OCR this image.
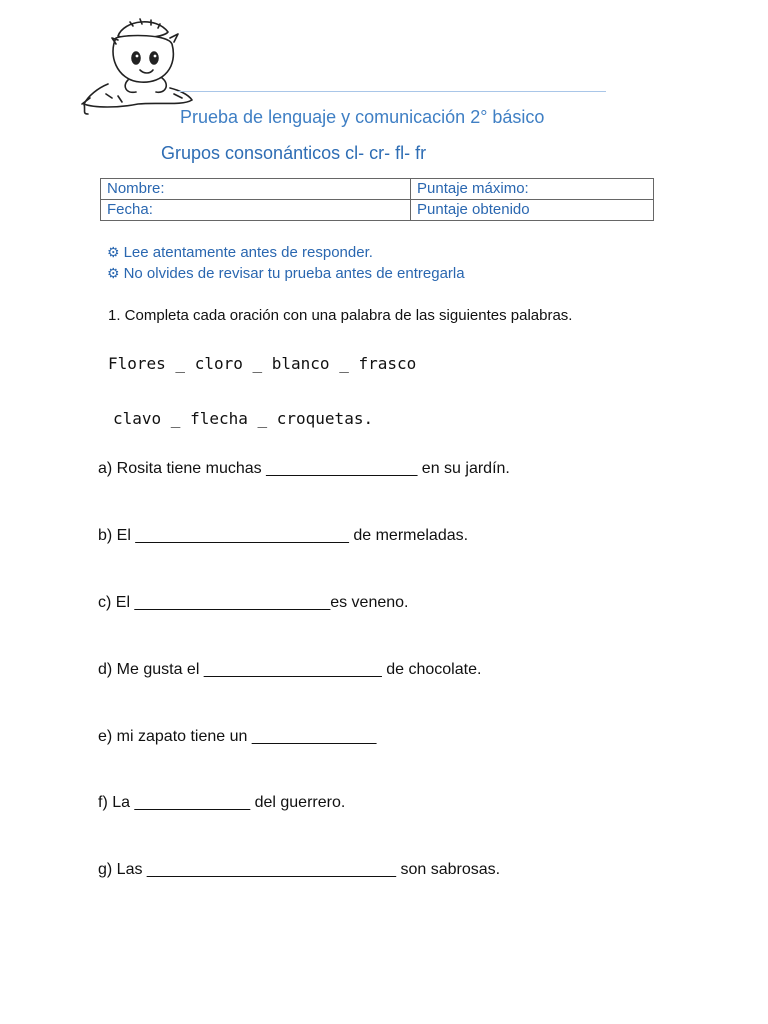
Prueba de lenguaje y comunicación 2° básico
Grupos consonánticos cl- cr- fl- fr
Nombre:	Puntaje máximo:
Fecha:	Puntaje obtenido
⚙ Lee atentamente antes de responder.
⚙ No olvides de revisar tu prueba antes de entregarla
1. Completa cada oración con una palabra de las siguientes palabras.
Flores _ cloro _ blanco _ frasco
clavo _ flecha _ croquetas.
a) Rosita tiene muchas _________________ en su jardín.
b) El ________________________ de mermeladas.
c) El ______________________es veneno.
d) Me gusta el ____________________ de chocolate.
e) mi zapato tiene un ______________
f) La _____________ del guerrero.
g) Las ____________________________ son sabrosas.
